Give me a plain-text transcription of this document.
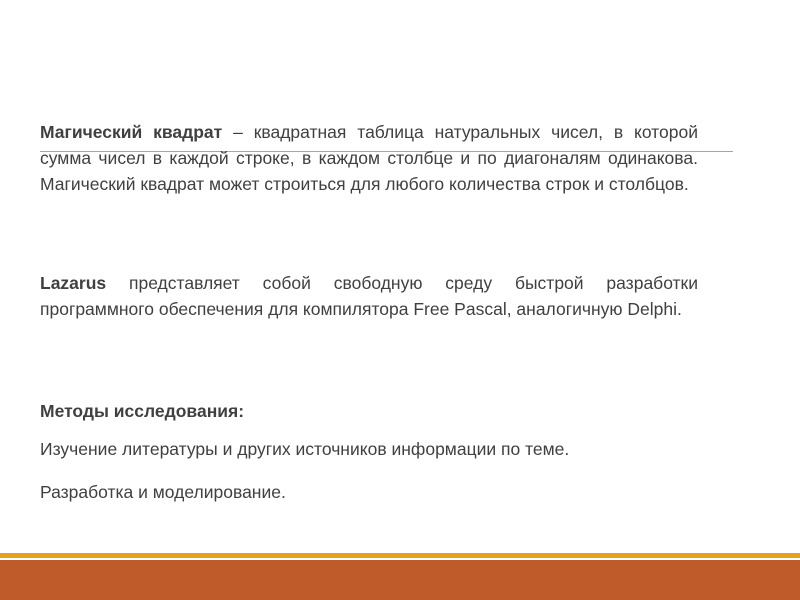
Магический квадрат – квадратная таблица натуральных чисел, в которой сумма чисел в каждой строке, в каждом столбце и по диагоналям одинакова. Магический квадрат может строиться для любого количества строк и столбцов.

Lazarus представляет собой свободную среду быстрой разработки программного обеспечения для компилятора Free Pascal, аналогичную Delphi.

Методы исследования:

Изучение литературы и других источников информации по теме.

Разработка и моделирование.
